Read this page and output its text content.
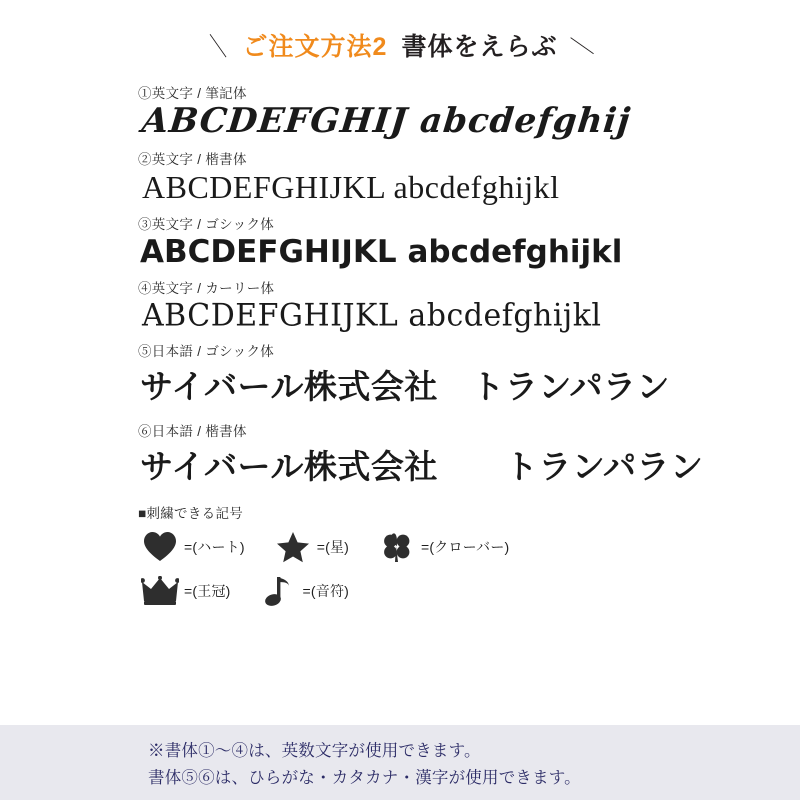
＼ ご注文方法2 書体をえらぶ ／
①英文字 / 筆記体
ABCDEFGHIJ abcdefghij
②英文字 / 楷書体
ABCDEFGHIJKL abcdefghijkl
③英文字 / ゴシック体
ABCDEFGHIJKL abcdefghijkl
④英文字 / カーリー体
ABCDEFGHIJKL abcdefghijkl
⑤日本語 / ゴシック体
サイバール株式会社　トランパラン
⑥日本語 / 楷書体
サイバール株式会社　　トランパラン
■刺繍できる記号
=(ハート)	=(星)	=(クローバー)
=(王冠)	=(音符)
※書体①〜④は、英数文字が使用できます。
書体⑤⑥は、ひらがな・カタカナ・漢字が使用できます。
